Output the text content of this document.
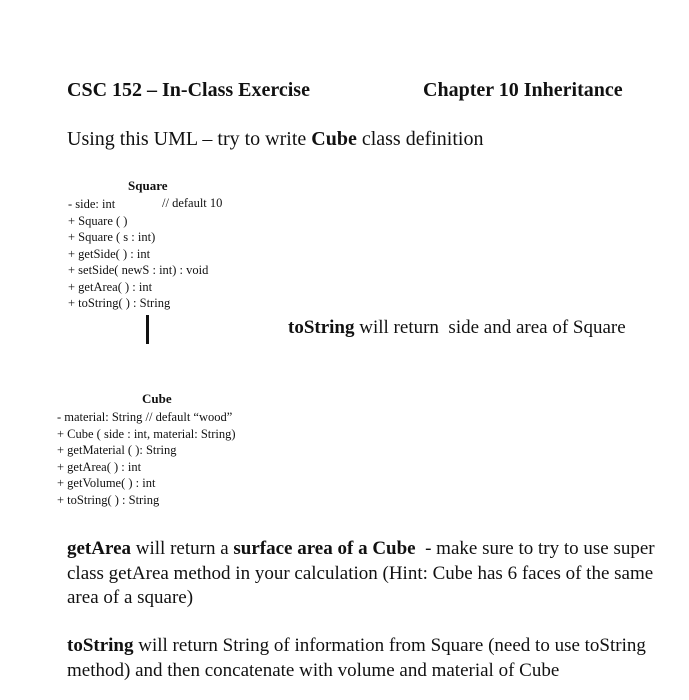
CSC 152 – In-Class Exercise	Chapter 10 Inheritance
Using this UML – try to write Cube class definition
Square
- side: int
+ Square ( )
+ Square ( s : int)
+ getSide( ) : int
+ setSide( newS : int) : void
+ getArea( ) : int
+ toString( ) : String
// default 10
toString will return  side and area of Square
Cube
- material: String // default “wood”
+ Cube ( side : int, material: String)
+ getMaterial ( ): String
+ getArea( ) : int
+ getVolume( ) : int
+ toString( ) : String
getArea will return a surface area of a Cube  - make sure to try to use super class getArea method in your calculation (Hint: Cube has 6 faces of the same area of a square)
toString will return String of information from Square (need to use toString method) and then concatenate with volume and material of Cube
